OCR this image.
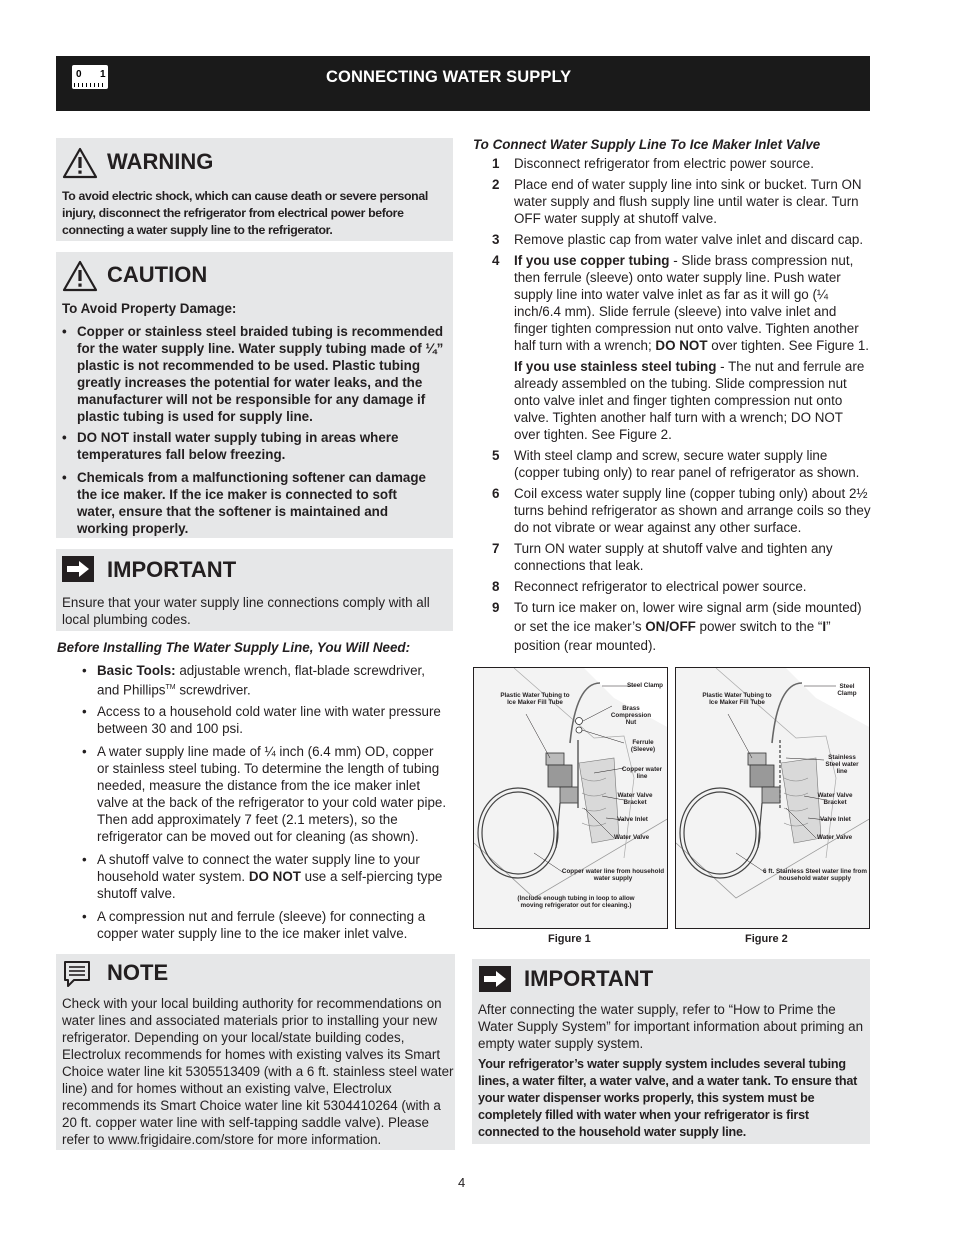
0 1	CONNECTING WATER SUPPLY
WARNING
To avoid electric shock, which can cause death or severe personal injury, disconnect the refrigerator from electrical power before connecting a water supply line to the refrigerator.
CAUTION
To Avoid Property Damage:
• Copper or stainless steel braided tubing is recommended for the water supply line. Water supply tubing made of ¼” plastic is not recommended to be used. Plastic tubing greatly increases the potential for water leaks, and the manufacturer will not be responsible for any damage if plastic tubing is used for supply line.
• DO NOT install water supply tubing in areas where temperatures fall below freezing.
• Chemicals from a malfunctioning softener can damage the ice maker. If the ice maker is connected to soft water, ensure that the softener is maintained and working properly.
IMPORTANT
Ensure that your water supply line connections comply with all local plumbing codes.
Before Installing The Water Supply Line, You Will Need:
• Basic Tools: adjustable wrench, flat-blade screwdriver, and Phillips™ screwdriver.
• Access to a household cold water line with water pressure between 30 and 100 psi.
• A water supply line made of ¼ inch (6.4 mm) OD, copper or stainless steel tubing. To determine the length of tubing needed, measure the distance from the ice maker inlet valve at the back of the refrigerator to your cold water pipe. Then add approximately 7 feet (2.1 meters), so the refrigerator can be moved out for cleaning (as shown).
• A shutoff valve to connect the water supply line to your household water system. DO NOT use a self-piercing type shutoff valve.
• A compression nut and ferrule (sleeve) for connecting a copper water supply line to the ice maker inlet valve.
NOTE
Check with your local building authority for recommendations on water lines and associated materials prior to installing your new refrigerator. Depending on your local/state building codes, Electrolux recommends for homes with existing valves its Smart Choice water line kit 5305513409 (with a 6 ft. stainless steel water line) and for homes without an existing valve, Electrolux recommends its Smart Choice water line kit 5304410264 (with a 20 ft. copper water line with self-tapping saddle valve). Please refer to www.frigidaire.com/store for more information.
To Connect Water Supply Line To Ice Maker Inlet Valve
1 Disconnect refrigerator from electric power source.
2 Place end of water supply line into sink or bucket. Turn ON water supply and flush supply line until water is clear. Turn OFF water supply at shutoff valve.
3 Remove plastic cap from water valve inlet and discard cap.
4 If you use copper tubing - Slide brass compression nut, then ferrule (sleeve) onto water supply line. Push water supply line into water valve inlet as far as it will go (¼ inch/6.4 mm). Slide ferrule (sleeve) into valve inlet and finger tighten compression nut onto valve. Tighten another half turn with a wrench; DO NOT over tighten. See Figure 1.
If you use stainless steel tubing - The nut and ferrule are already assembled on the tubing. Slide compression nut onto valve inlet and finger tighten compression nut onto valve. Tighten another half turn with a wrench; DO NOT over tighten. See Figure 2.
5 With steel clamp and screw, secure water supply line (copper tubing only) to rear panel of refrigerator as shown.
6 Coil excess water supply line (copper tubing only) about 2½ turns behind refrigerator as shown and arrange coils so they do not vibrate or wear against any other surface.
7 Turn ON water supply at shutoff valve and tighten any connections that leak.
8 Reconnect refrigerator to electrical power source.
9 To turn ice maker on, lower wire signal arm (side mounted) or set the ice maker’s ON/OFF power switch to the “I” position (rear mounted).
Plastic Water Tubing to Ice Maker Fill Tube
Steel Clamp
Brass Compression Nut
Ferrule (Sleeve)
Copper water line
Water Valve Bracket
Valve Inlet
Water Valve
Copper water line from household water supply
(Include enough tubing in loop to allow moving refrigerator out for cleaning.)
Figure 1
Plastic Water Tubing to Ice Maker Fill Tube
Steel Clamp
Stainless Steel water line
Water Valve Bracket
Valve Inlet
Water Valve
6 ft. Stainless Steel water line from household water supply
Figure 2
IMPORTANT
After connecting the water supply, refer to “How to Prime the Water Supply System” for important information about priming an empty water supply system.
Your refrigerator’s water supply system includes several tubing lines, a water filter, a water valve, and a water tank. To ensure that your water dispenser works properly, this system must be completely filled with water when your refrigerator is first connected to the household water supply line.
4
